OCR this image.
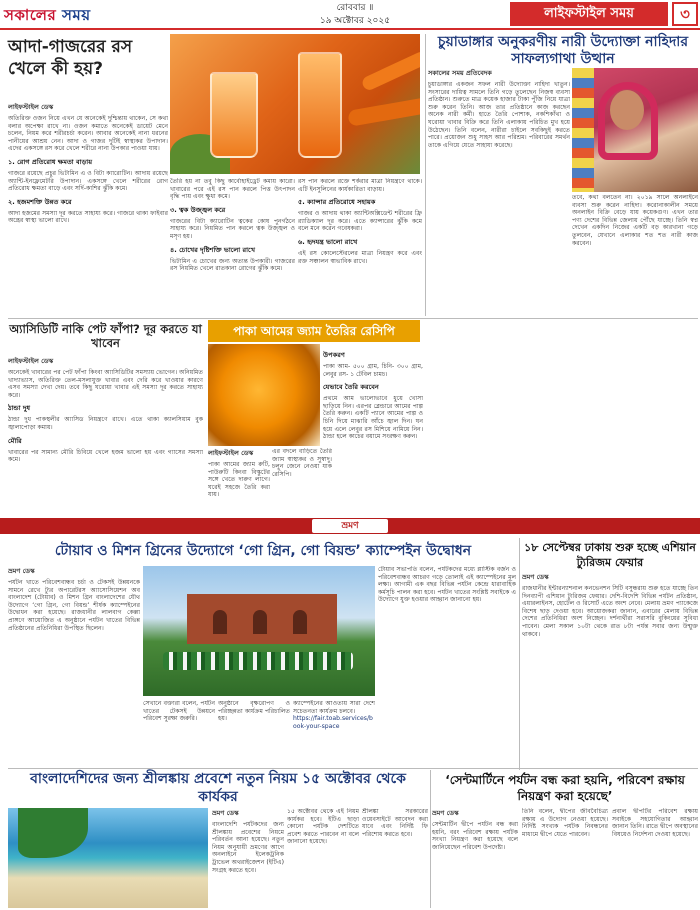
সকালের সময়	রোববার ॥
১৯ অক্টোবর ২০২৫	লাইফস্টাইল সময়	৩
আদা-গাজরের রস খেলে কী হয়?
লাইফস্টাইল ডেস্ক

অতিরিক্ত ওজন নিয়ে এখন যে অনেকেই দুশ্চিন্তায় থাকেন, সে কথা বলার অপেক্ষা রাখে না। ওজন কমাতে অনেকেই ডায়েট মেনে চলেন, নিয়ম করে শরীরচর্চা করেন। আবার অনেকেই নানা ধরনের পানীয়ের আশ্রয় নেন। আদা ও গাজর দুটিই স্বাস্থ্যকর উপাদান। এদের একসঙ্গে রস করে খেলে শরীরে নানা উপকার পাওয়া যায়।

১. রোগ প্রতিরোধ ক্ষমতা বাড়ায়

গাজরে রয়েছে প্রচুর ভিটামিন এ ও বিটা ক্যারোটিন। আদায় রয়েছে অ্যান্টি-ইনফ্লেমেটরি উপাদান। একসঙ্গে খেলে শরীরের রোগ প্রতিরোধ ক্ষমতা বাড়ে এবং সর্দি-কাশির ঝুঁকি কমে।

২. হজমশক্তি উন্নত করে

আদা হজমের সমস্যা দূর করতে সাহায্য করে। গাজরে থাকা ফাইবার অন্ত্রের স্বাস্থ্য ভালো রাখে।

তৈরি হয় না তবু কিছু কার্বোহাইড্রেট কমায় কারো। খাবারের পরে এই রস পান করলে পিত্ত উৎপাদন বৃদ্ধি পায় এবং ক্ষুধা কমে।

৩. ত্বক উজ্জ্বল করে

গাজরের বিটা ক্যারোটিন ত্বকের কোষ পুনর্গঠনে সাহায্য করে। নিয়মিত পান করলে ত্বক উজ্জ্বল ও মসৃণ হয়।

৪. চোখের দৃষ্টিশক্তি ভালো রাখে

ভিটামিন এ চোখের জন্য অত্যন্ত উপকারী। গাজরের রস নিয়মিত খেলে রাতকানা রোগের ঝুঁকি কমে।

রস পান করলে রক্তে শর্করার মাত্রা নিয়ন্ত্রণে থাকে। এটি ইনসুলিনের কার্যকারিতা বাড়ায়।

৫. ক্যান্সার প্রতিরোধে সহায়ক

গাজর ও আদায় থাকা অ্যান্টিঅক্সিডেন্ট শরীরের ফ্রি র‍্যাডিক্যাল দূর করে। এতে ক্যান্সারের ঝুঁকি কমে বলে মনে করেন গবেষকরা।

৬. হৃদযন্ত্র ভালো রাখে

এই রস কোলেস্টেরলের মাত্রা নিয়ন্ত্রণ করে এবং রক্ত সঞ্চালন স্বাভাবিক রাখে।

চুয়াডাঙ্গার অনুকরণীয় নারী উদ্যোক্তা নাহিদার সাফল্যগাথা উত্থান
সকালের সময় প্রতিবেদক

চুয়াডাঙ্গার একজন সফল নারী উদ্যোক্তা নাহিদা খাতুন। সংসারের দায়িত্ব সামলে তিনি গড়ে তুলেছেন নিজস্ব ব্যবসা প্রতিষ্ঠান। শুরুতে মাত্র কয়েক হাজার টাকা পুঁজি নিয়ে যাত্রা শুরু করেন তিনি। আজ তার প্রতিষ্ঠানে কাজ করছেন অনেক নারী কর্মী। হাতে তৈরি পোশাক, নকশিকাঁথা ও ঘরোয়া খাবার বিক্রি করে তিনি এলাকায় পরিচিত মুখ হয়ে উঠেছেন। তিনি বলেন, নারীরা চাইলে সবকিছুই করতে পারে। প্রয়োজন শুধু সাহস আর পরিশ্রম। পরিবারের সমর্থন তাকে এগিয়ে যেতে সাহায্য করেছে।

তবে, কথা বলতেন না। ২০১৯ সালে অনলাইনে ব্যবসা শুরু করেন নাহিদা। করোনাকালীন সময়ে অনলাইন বিক্রি বেড়ে যায় কয়েকগুণ। এখন তার পণ্য দেশের বিভিন্ন জেলায় পৌঁছে যাচ্ছে। তিনি স্বপ্ন দেখেন একদিন নিজের একটি বড় কারখানা গড়ে তুলবেন, যেখানে এলাকার শত শত নারী কাজ করবেন।

অ্যাসিডিটি নাকি পেট ফাঁপা? দূর করতে যা খাবেন
লাইফস্টাইল ডেস্ক

অনেকেই খাবারের পর পেট ফাঁপা কিংবা অ্যাসিডিটির সমস্যায় ভোগেন। অনিয়মিত খাদ্যাভ্যাস, অতিরিক্ত তেল-মসলাযুক্ত খাবার এবং দেরি করে খাওয়ার কারণে এসব সমস্যা দেখা দেয়। তবে কিছু ঘরোয়া খাবার এই সমস্যা দূর করতে সাহায্য করে।

ঠান্ডা দুধ

ঠান্ডা দুধ পাকস্থলীর অ্যাসিড নিয়ন্ত্রণে রাখে। এতে থাকা ক্যালসিয়াম বুক জ্বালাপোড়া কমায়।

মৌরি

খাবারের পর সামান্য মৌরি চিবিয়ে খেলে হজম ভালো হয় এবং গ্যাসের সমস্যা কমে।

পাকা আমের জ্যাম তৈরির রেসিপি
লাইফস্টাইল ডেস্ক

পাকা আমের জ্যাম রুটি, পাউরুটি কিংবা বিস্কুটের সঙ্গে খেতে দারুণ লাগে। ঘরেই সহজে তৈরি করা যায়।

এর বদলে বাড়িতে তৈরি জ্যাম স্বাস্থ্যকর ও সুস্বাদু। চলুন জেনে নেওয়া যাক রেসিপি।

উপকরণ

পাকা আম- ৫০০ গ্রাম, চিনি- ৩০০ গ্রাম, লেবুর রস- ১ টেবিল চামচ।

যেভাবে তৈরি করবেন

প্রথমে আম ভালোভাবে ধুয়ে খোসা ছাড়িয়ে নিন। এরপর ব্লেন্ডারে আমের পাল্প তৈরি করুন। একটি প্যানে আমের পাল্প ও চিনি দিয়ে মাঝারি আঁচে জ্বাল দিন। ঘন হয়ে এলে লেবুর রস মিশিয়ে নামিয়ে নিন। ঠান্ডা হলে কাচের বয়ামে সংরক্ষণ করুন।

ভ্রমণ
টোয়াব ও মিশন গ্রিনের উদ্যোগে ‘গো গ্রিন, গো বিয়ন্ড’ ক্যাম্পেইন উদ্বোধন
ভ্রমণ ডেস্ক

পর্যটন খাতে পরিবেশবান্ধব চর্চা ও টেকসই উন্নয়নকে সামনে রেখে ট্যুর অপারেটরস অ্যাসোসিয়েশন অব বাংলাদেশ (টোয়াব) ও মিশন গ্রিন বাংলাদেশের যৌথ উদ্যোগে ‘গো গ্রিন, গো বিয়ন্ড’ শীর্ষক ক্যাম্পেইনের উদ্বোধন করা হয়েছে। রাজধানীর লালবাগ কেল্লা প্রাঙ্গণে আয়োজিত এ অনুষ্ঠানে পর্যটন খাতের বিভিন্ন প্রতিষ্ঠানের প্রতিনিধিরা উপস্থিত ছিলেন।

সেখানে বক্তারা বলেন, পর্যটন খাতের টেকসই উন্নয়নে পরিবেশ সুরক্ষা জরুরি।

অনুষ্ঠানে বৃক্ষরোপণ ও পরিচ্ছন্নতা কার্যক্রম পরিচালিত হয়।

ক্যাম্পেইনের আওতায় সারা দেশে সচেতনতা কার্যক্রম চলবে।

https://fair.toab.services/book-your-space

টোয়াব সভাপতি বলেন, পর্যটকদের মধ্যে প্লাস্টিক বর্জন ও পরিবেশবান্ধব আচরণ গড়ে তোলাই এই ক্যাম্পেইনের মূল লক্ষ্য। আগামী এক বছর বিভিন্ন পর্যটন কেন্দ্রে ধারাবাহিক কর্মসূচি পালন করা হবে। পর্যটন খাতের সংশ্লিষ্ট সবাইকে এ উদ্যোগে যুক্ত হওয়ার আহ্বান জানানো হয়।

১৮ সেপ্টেম্বর ঢাকায় শুরু হচ্ছে এশিয়ান ট্যুরিজম ফেয়ার
ভ্রমণ ডেস্ক

রাজধানীর ইন্টারন্যাশনাল কনভেনশন সিটি বসুন্ধরায় শুরু হতে যাচ্ছে তিন দিনব্যাপী এশিয়ান ট্যুরিজম ফেয়ার। দেশি-বিদেশি বিভিন্ন পর্যটন প্রতিষ্ঠান, এয়ারলাইনস, হোটেল ও রিসোর্ট এতে অংশ নেবে। মেলায় ভ্রমণ প্যাকেজে বিশেষ ছাড় দেওয়া হবে। আয়োজকরা জানান, এবারের মেলায় বিভিন্ন দেশের প্রতিনিধিরা অংশ নিচ্ছেন। দর্শনার্থীরা সরাসরি বুকিংয়ের সুবিধা পাবেন। মেলা সকাল ১০টা থেকে রাত ৮টা পর্যন্ত সবার জন্য উন্মুক্ত থাকবে।

বাংলাদেশিদের জন্য শ্রীলঙ্কায় প্রবেশে নতুন নিয়ম ১৫ অক্টোবর থেকে কার্যকর
ভ্রমণ ডেস্ক

বাংলাদেশি পর্যটকদের জন্য শ্রীলঙ্কায় প্রবেশের নিয়মে পরিবর্তন আনা হয়েছে। নতুন নিয়ম অনুযায়ী ভ্রমণের আগে অনলাইনে ইলেকট্রনিক ট্রাভেল অথরাইজেশন (ইটিএ) সংগ্রহ করতে হবে।

১৫ অক্টোবর থেকে এই নিয়ম কার্যকর হবে। ইটিএ ছাড়া কোনো পর্যটক দেশটিতে প্রবেশ করতে পারবেন না বলে জানানো হয়েছে।

শ্রীলঙ্কা সরকারের ওয়েবসাইটে আবেদন করা যাবে এবং নির্দিষ্ট ফি পরিশোধ করতে হবে।

‘সেন্টমার্টিনে পর্যটন বন্ধ করা হয়নি, পরিবেশ রক্ষায় নিয়ন্ত্রণ করা হয়েছে’
ভ্রমণ ডেস্ক

সেন্টমার্টিন দ্বীপে পর্যটন বন্ধ করা হয়নি, বরং পরিবেশ রক্ষায় পর্যটক সংখ্যা নিয়ন্ত্রণ করা হয়েছে বলে জানিয়েছেন পরিবেশ উপদেষ্টা।

তিনি বলেন, দ্বীপের জীববৈচিত্র্য রক্ষায় এ উদ্যোগ নেওয়া হয়েছে। নির্দিষ্ট সংখ্যক পর্যটক নিবন্ধনের মাধ্যমে দ্বীপে যেতে পারবেন।

প্রবাল দ্বীপটির পরিবেশ রক্ষায় সবাইকে সহযোগিতার আহ্বান জানান তিনি। রাতে দ্বীপে অবস্থানের বিষয়েও নির্দেশনা দেওয়া হয়েছে।
